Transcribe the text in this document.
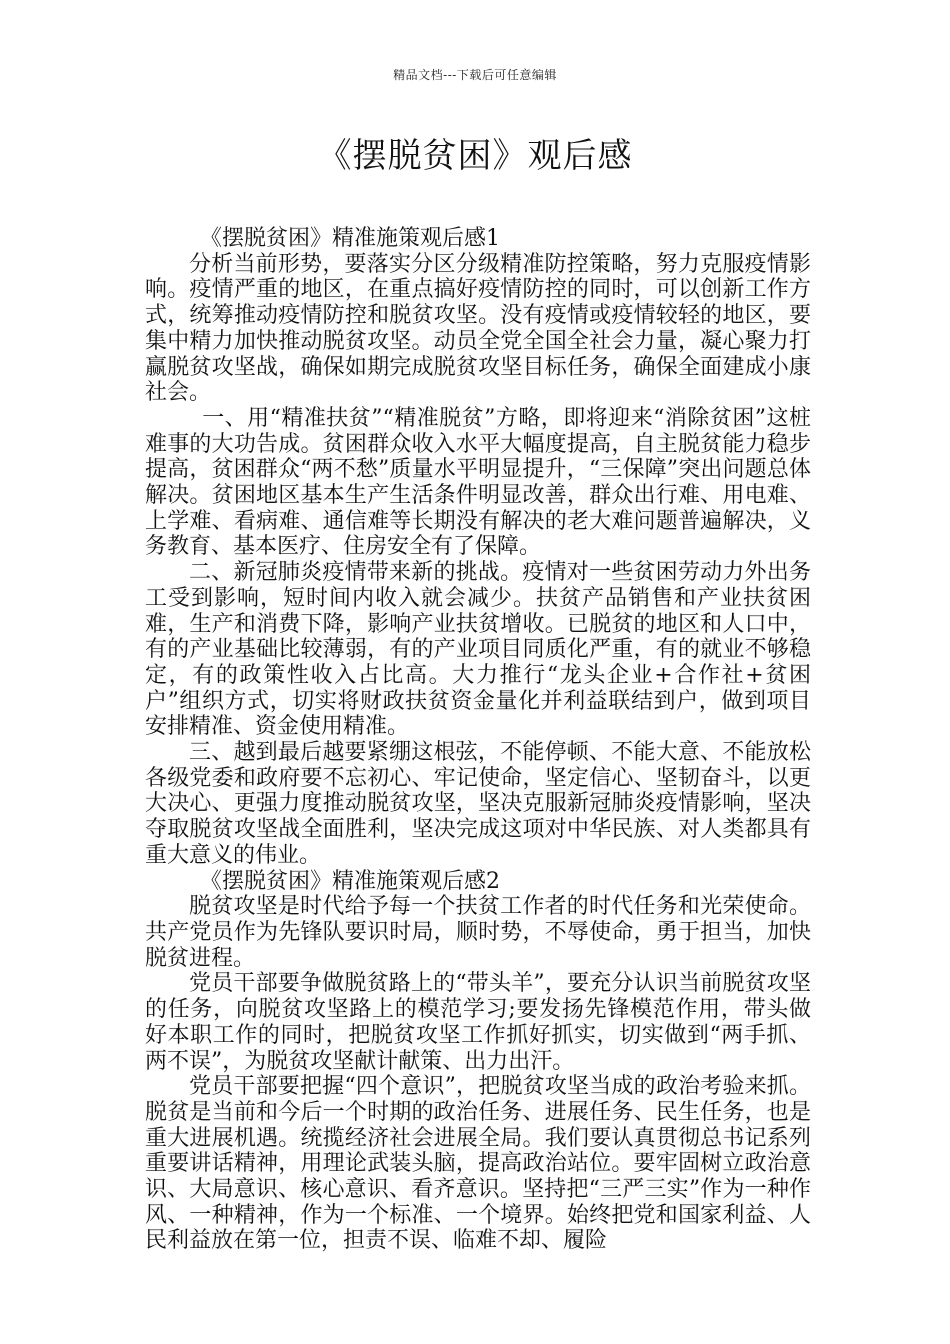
精品文档---下载后可任意编辑
《摆脱贫困》观后感

《摆脱贫困》精准施策观后感1

分析当前形势，要落实分区分级精准防控策略，努力克服疫情影响。疫情严重的地区，在重点搞好疫情防控的同时，可以创新工作方式，统筹推动疫情防控和脱贫攻坚。没有疫情或疫情较轻的地区，要集中精力加快推动脱贫攻坚。动员全党全国全社会力量，凝心聚力打赢脱贫攻坚战，确保如期完成脱贫攻坚目标任务，确保全面建成小康社会。

一、用“精准扶贫”“精准脱贫”方略，即将迎来“消除贫困”这桩难事的大功告成。贫困群众收入水平大幅度提高，自主脱贫能力稳步提高，贫困群众“两不愁”质量水平明显提升，“三保障”突出问题总体解决。贫困地区基本生产生活条件明显改善，群众出行难、用电难、上学难、看病难、通信难等长期没有解决的老大难问题普遍解决，义务教育、基本医疗、住房安全有了保障。

二、新冠肺炎疫情带来新的挑战。疫情对一些贫困劳动力外出务工受到影响，短时间内收入就会减少。扶贫产品销售和产业扶贫困难，生产和消费下降，影响产业扶贫增收。已脱贫的地区和人口中，有的产业基础比较薄弱，有的产业项目同质化严重，有的就业不够稳定，有的政策性收入占比高。大力推行“龙头企业+合作社+贫困户”组织方式，切实将财政扶贫资金量化并利益联结到户，做到项目安排精准、资金使用精准。

三、越到最后越要紧绷这根弦，不能停顿、不能大意、不能放松各级党委和政府要不忘初心、牢记使命，坚定信心、坚韧奋斗，以更大决心、更强力度推动脱贫攻坚，坚决克服新冠肺炎疫情影响，坚决夺取脱贫攻坚战全面胜利，坚决完成这项对中华民族、对人类都具有重大意义的伟业。

《摆脱贫困》精准施策观后感2

脱贫攻坚是时代给予每一个扶贫工作者的时代任务和光荣使命。共产党员作为先锋队要识时局，顺时势，不辱使命，勇于担当，加快脱贫进程。

党员干部要争做脱贫路上的“带头羊”，要充分认识当前脱贫攻坚的任务，向脱贫攻坚路上的模范学习;要发扬先锋模范作用，带头做好本职工作的同时，把脱贫攻坚工作抓好抓实，切实做到“两手抓、两不误”，为脱贫攻坚献计献策、出力出汗。

党员干部要把握“四个意识”，把脱贫攻坚当成的政治考验来抓。脱贫是当前和今后一个时期的政治任务、进展任务、民生任务，也是重大进展机遇。统揽经济社会进展全局。我们要认真贯彻总书记系列重要讲话精神，用理论武装头脑，提高政治站位。要牢固树立政治意识、大局意识、核心意识、看齐意识。坚持把“三严三实”作为一种作风、一种精神，作为一个标准、一个境界。始终把党和国家利益、人民利益放在第一位，担责不误、临难不却、履险
